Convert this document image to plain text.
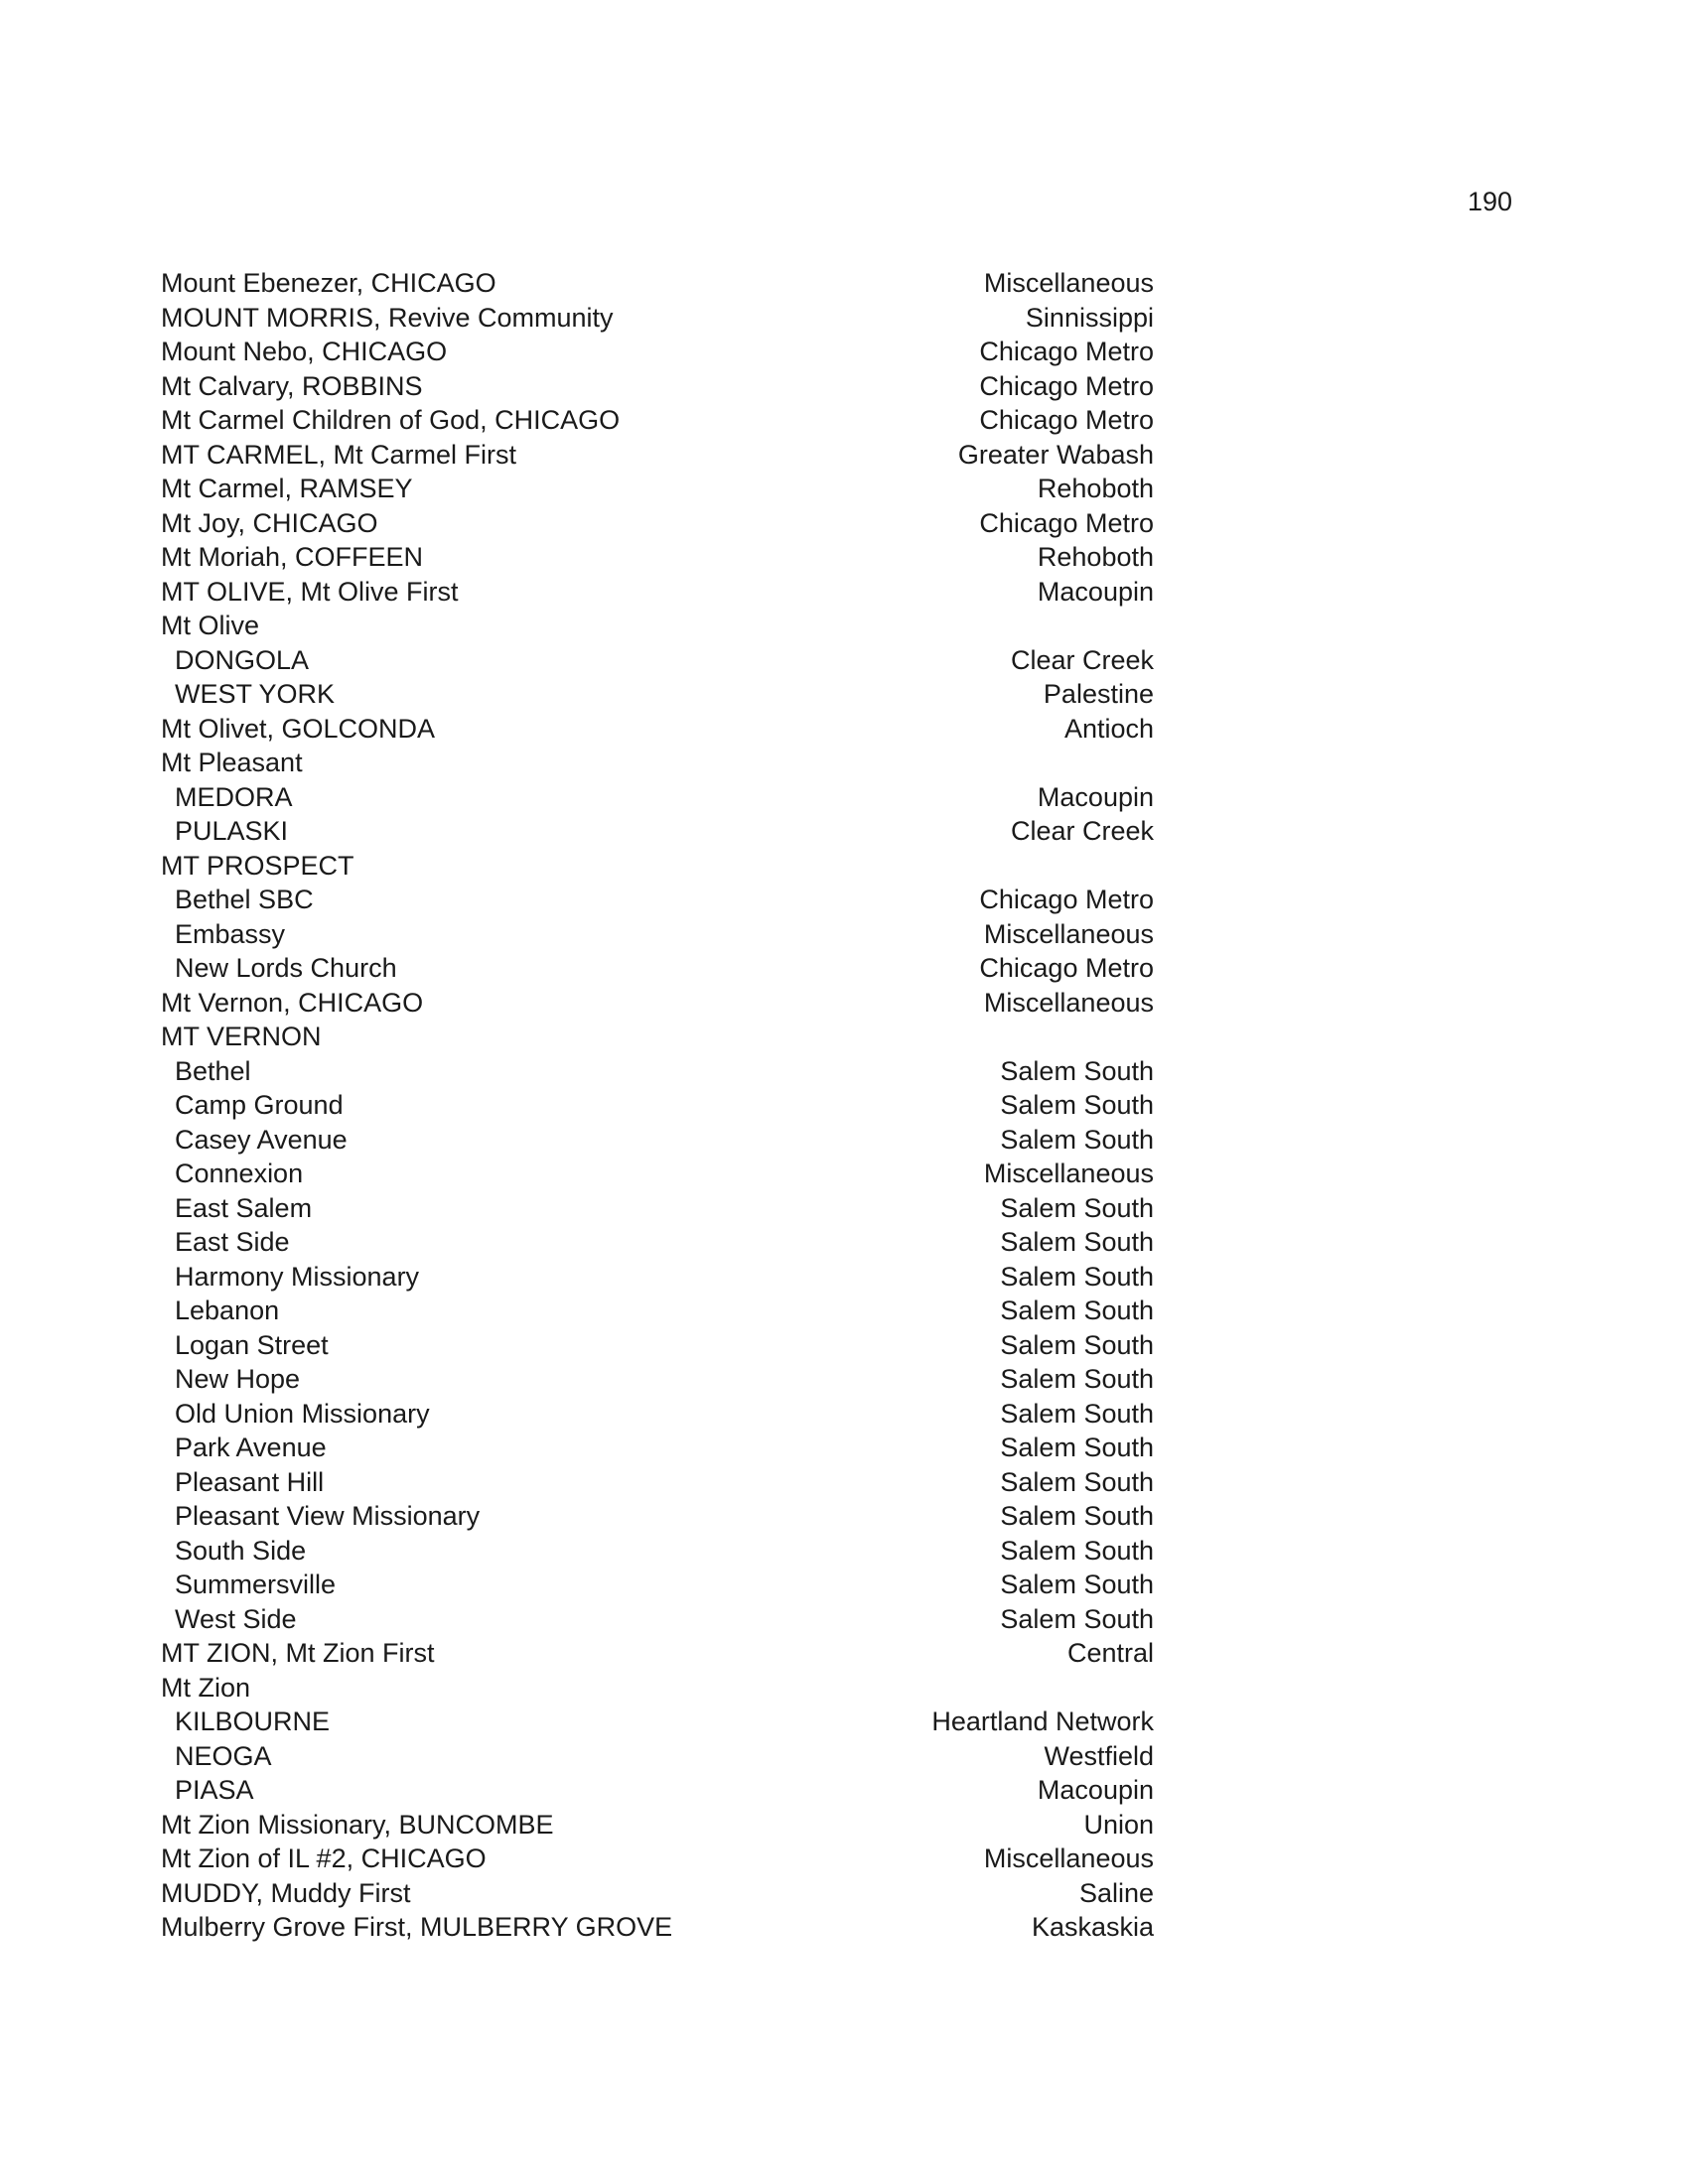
190
Mount Ebenezer, CHICAGO
MOUNT MORRIS, Revive Community
Mount Nebo, CHICAGO
Mt Calvary, ROBBINS
Mt Carmel Children of God, CHICAGO
MT CARMEL, Mt Carmel First
Mt Carmel, RAMSEY
Mt Joy, CHICAGO
Mt Moriah, COFFEEN
MT OLIVE, Mt Olive First
Mt Olive
DONGOLA
WEST YORK
Mt Olivet, GOLCONDA
Mt Pleasant
MEDORA
PULASKI
MT PROSPECT
Bethel SBC
Embassy
New Lords Church
Mt Vernon, CHICAGO
MT VERNON
Bethel
Camp Ground
Casey Avenue
Connexion
East Salem
East Side
Harmony Missionary
Lebanon
Logan Street
New Hope
Old Union Missionary
Park Avenue
Pleasant Hill
Pleasant View Missionary
South Side
Summersville
West Side
MT ZION, Mt Zion First
Mt Zion
KILBOURNE
NEOGA
PIASA
Mt Zion Missionary, BUNCOMBE
Mt Zion of IL #2, CHICAGO
MUDDY, Muddy First
Mulberry Grove First, MULBERRY GROVE
Miscellaneous
Sinnissippi
Chicago Metro
Chicago Metro
Chicago Metro
Greater Wabash
Rehoboth
Chicago Metro
Rehoboth
Macoupin
Clear Creek
Palestine
Antioch
Macoupin
Clear Creek
Chicago Metro
Miscellaneous
Chicago Metro
Miscellaneous
Salem South
Salem South
Salem South
Miscellaneous
Salem South
Salem South
Salem South
Salem South
Salem South
Salem South
Salem South
Salem South
Salem South
Salem South
Salem South
Salem South
Salem South
Central
Heartland Network
Westfield
Macoupin
Union
Miscellaneous
Saline
Kaskaskia
